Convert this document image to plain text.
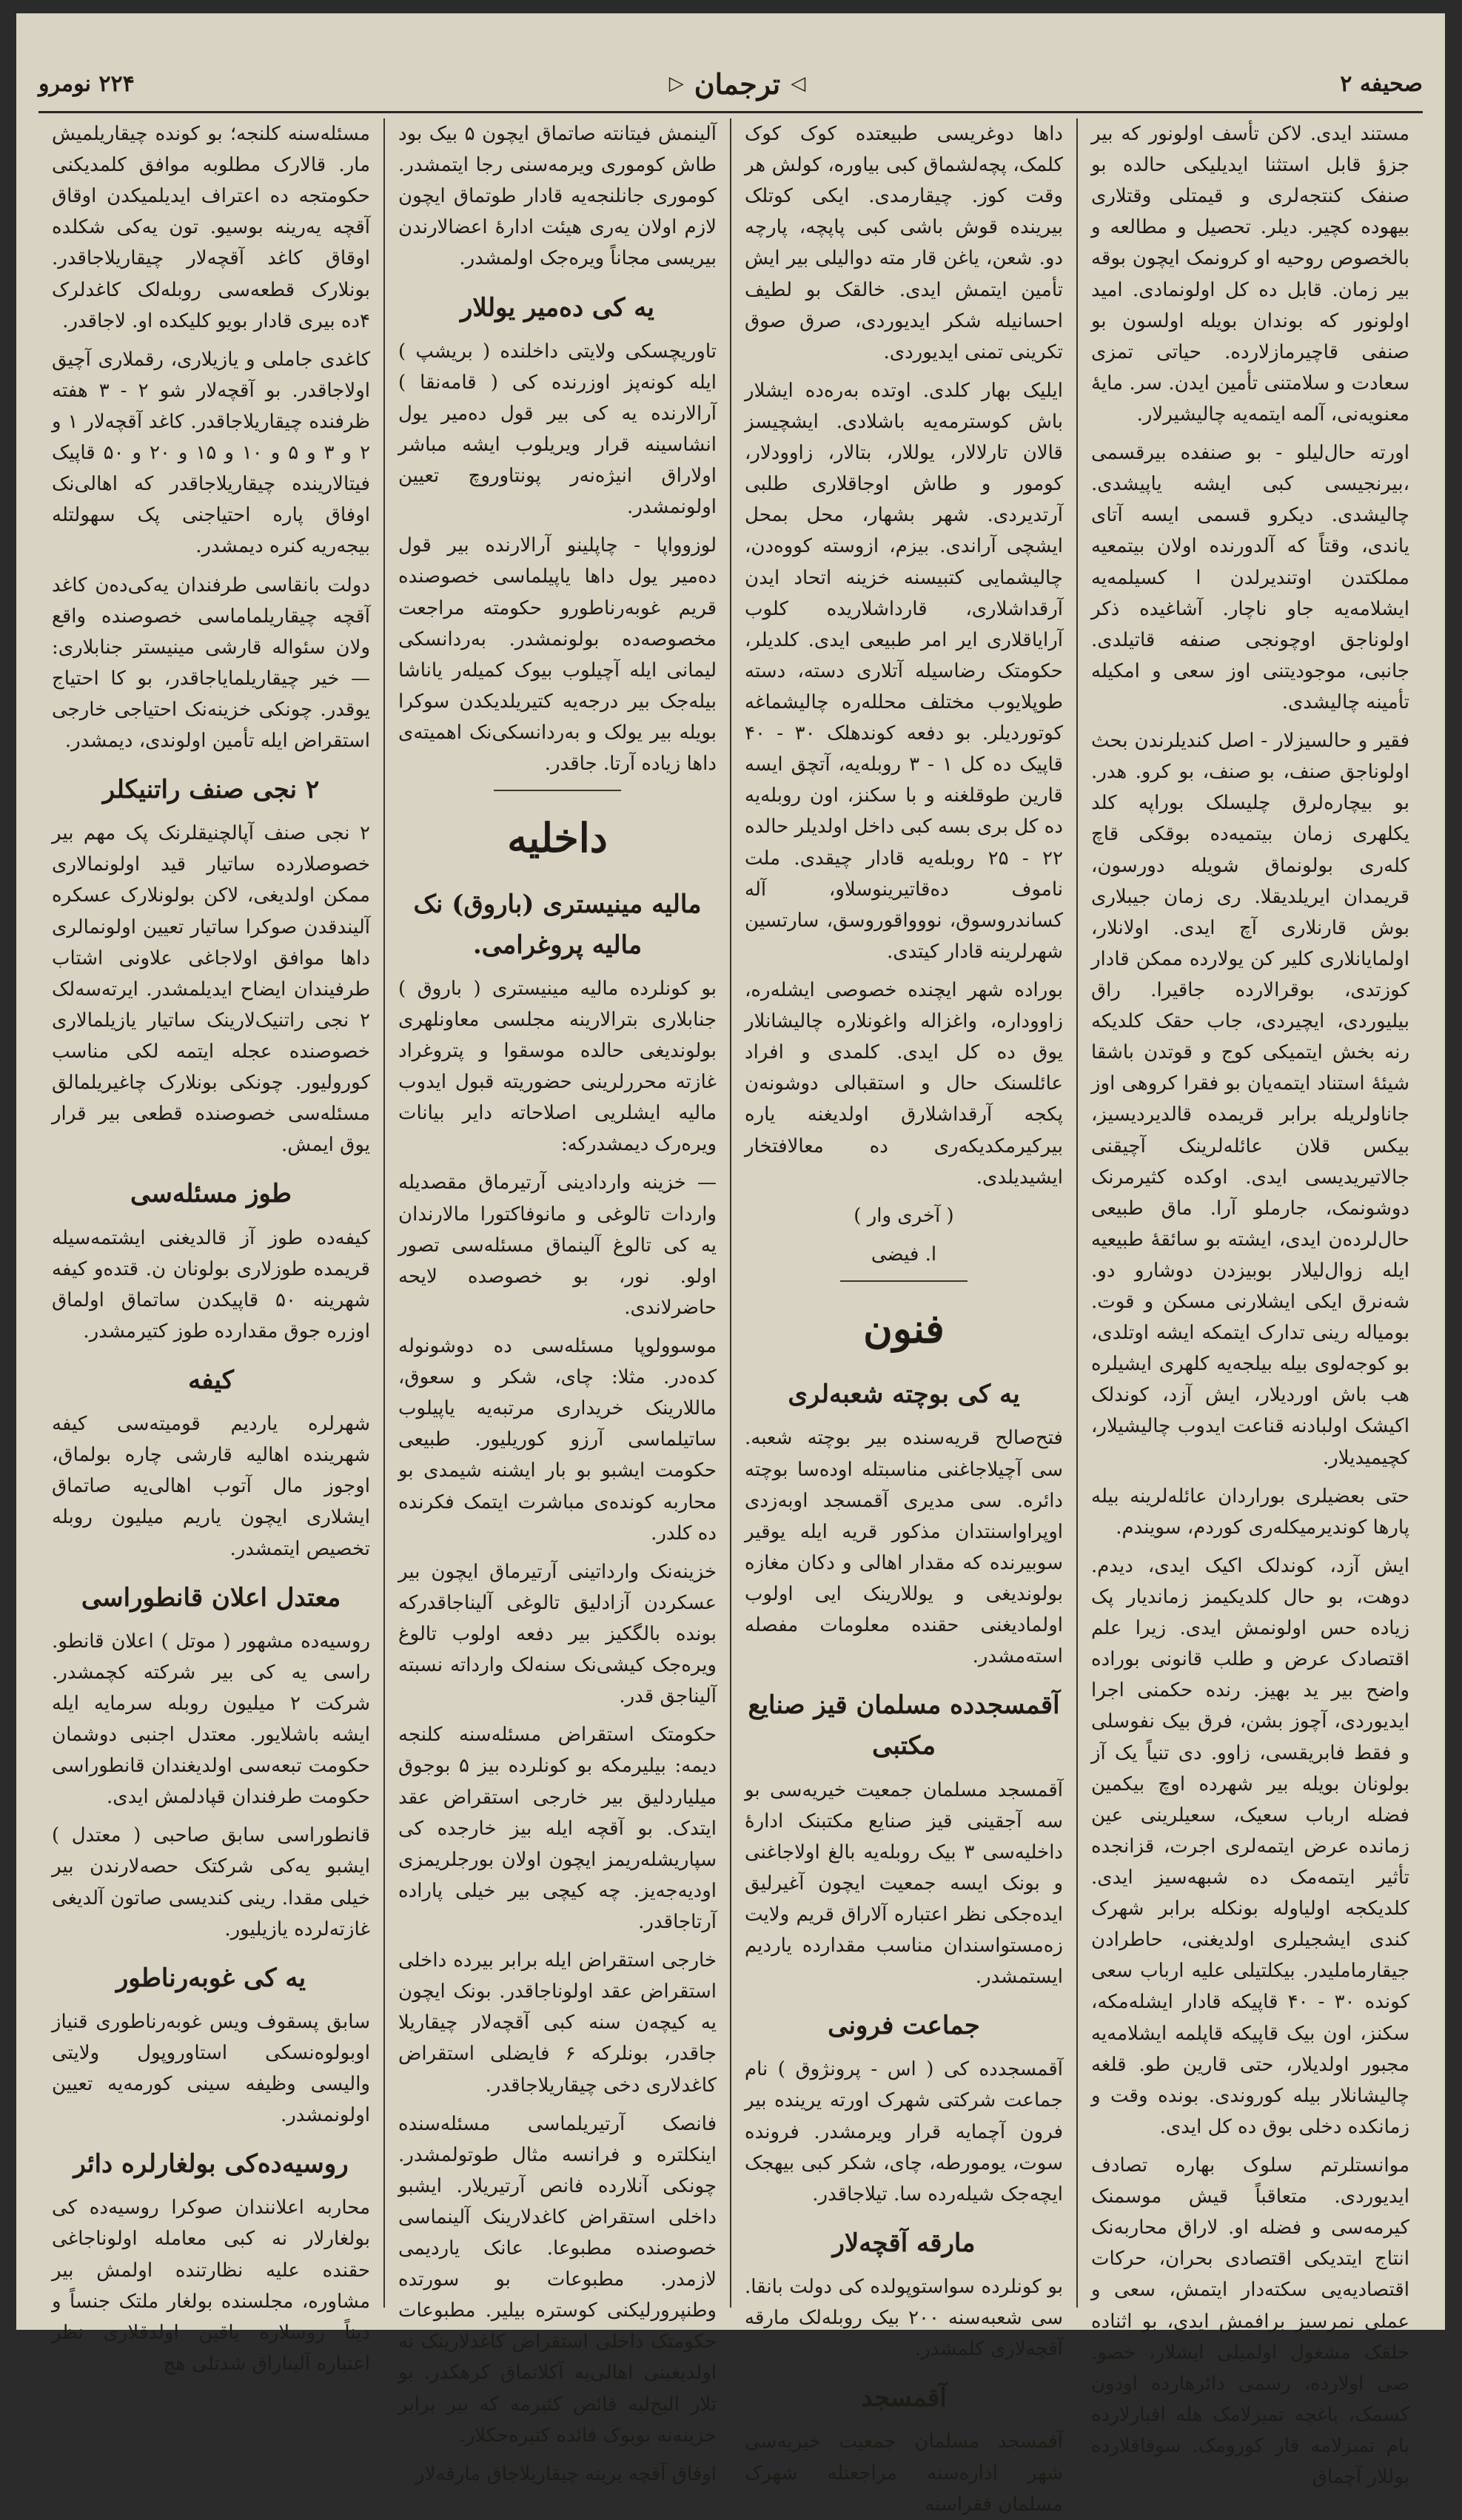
صحیفه ۲
◁
ترجمان
▷
۲۲۴ نومرو

مستند ایدی. لاکن تأسف اولونور که بیر جزؤ قابل استثنا ایدیلیکی حالده بو صنفک کنتجه‌لری و قیمتلی وقتلاری بیهوده کچیر. دیلر. تحصیل و مطالعه و بالخصوص روحیه او کرونمک ایچون بوقه بیر زمان. قابل ده کل اولونمادی. امید اولونور که بوندان بویله اولسون بو صنفی قاچیرمازلارده. حیاتی تمزی سعادت و سلامتنی تأمین ایدن. سر. مایهٔ معنویه‌نی، آلمه ایتمه‌یه چالیشیرلار.

اورته حال‌لیلو - بو صنفده بیرقسمی ،بیرنجیسی کبی ایشه یاپیشدی. چالیشدی. دیکرو قسمی ایسه آتای یاندی، وقتاً که آلدورنده اولان بیتمعیه مملکتدن اوتندیرلدن ا کسیلمه‌یه ایشلامه‌یه جاو ناچار. آشاغیده ذکر اولوناجق اوچونجی صنفه قاتیلدی. جانبی، موجودیتنی اوز سعی و امکیله تأمینه چالیشدی.

فقیر و حالسیزلار - اصل کندیلرندن بحث اولوناجق صنف، بو صنف، بو کرو. هدر. بو بیچاره‌لرق چلیسلک بوراپه کلد یکلهری زمان بیتمیه‌ده بوقکی قاچ کله‌ری بولونماق شویله دورسون، قریمدان ایریلدیقلا. ری زمان جیبلاری بوش قارنلاری آچ ایدی. اولانلار، اولمایانلاری کلیر کن یولارده ممکن قادار کوزتدی، بوقرالارده جاقیرا. راق بیلیوردی، ایچیردی، جاب حقک کلدیکه رنه بخش ایتمیکی کوج و قوتدن باشقا شیئهٔ استناد ایتمه‌یان بو فقرا کروهی اوز جاناولریله برابر قریمده قالدیردیسیز، بیکس قلان عائله‌لرینک آچیقنی جالاتیریدیسی ایدی. اوکده کثیرمرنک دوشونمک، جارملو آرا. ماق طبیعی حال‌لرده‌ن ایدی، ایشته بو سائقهٔ طبیعیه ایله زوال‌لیلار بوبیزدن دوشارو دو. شه‌نرق ایکی ایشلارنی مسکن و قوت. بومیاله‌ رینی تدارک ایتمکه ایشه اوتلدی، بو کوجه‌لوی بیله بیلجه‌یه کلهری ایشیلره هب باش اوردیلار، ایش آزد، کوندلک اکیشک اولبادنه قناعت ایدوب چالیشیلار، کچیمیدیلار.

حتی بعضیلری بوراردان عائله‌لرینه بیله پارها كوندیرمیکله‌ری کوردم، سویندم.

ایش آزد، کوندلک اکیک ایدی، دیدم. دوهت، بو حال کلدیکیمز زماندیار پک زیاده حس اولونمش ایدی. زیرا علم اقتصادک عرض و طلب قانونی بوراده واضح بیر ید بهیز. رنده حکمنی اجرا ایدیوردی، آچوز بشن، فرق بیک نفوسلی و فقط فابریقسی، زاوو. دی تنیاً یک آز بولونان بویله بیر شهرده اوچ بیکمین فضله ارباب سعیک، سعیلرینی عین زمانده عرض ایتمه‌لری اجرت، قزانجده تأثیر ایتمه‌مک ده شبهه‌سیز ایدی. کلدیکجه اولیاوله بونکله برابر شهرک کندی ایشجیلری اولدیغنی، حاطرادن جیقارماملیدر. بیکلتیلی علیه ارباب سعی کونده ۳۰ - ۴۰ قاپیکه قادار ایشله‌مکه، سکنز، اون بیک قاپیکه قاپلمه ایشلامه‌یه مجبور اولدیلار، حتی قارین طو. قلغه چالیشانلار بیله کوروندی. بونده وقت و زمانکده دخلی بوق ده کل ایدی.

موانستلرتم سلوک بهاره تصادف ایدیوردی. متعاقباً قیش موسمنک کیرمه‌سی و فضله او. لاراق محاربه‌نک انتاج ایتدیکی اقتصادی بحران، حرکات اقتصادیه‌یی سکته‌دار ایتمش، سعی و عملی نمرسیز برافمش ایدی، بو اثناده خلقک مشغول اولمیلی ایشلار، خصو. صی اولارده، رسمی دائرهارده اودون کسمک، باغچه تمیزلامک هله اقبارلارده بام تمیزلامه قار کورومک. سوقاقلارده یوللار آچماق

داها دوغریسی طبیعتده کوک کوک کلمک، پچه‌لشماق کبی بیاوره، کولش هر وقت کوز. چیقارمدی. ایکی کوتلک بیرینده قوش باشی کبی پاپچه، پارچه دو. شعن، یاغن قار مته دوالیلی بیر ایش تأمین ایتمش ایدی. خالقک بو لطیف احسانیله شکر ایدیوردی، صرق صوق تکرینی تمنی ایدیوردی.

ایلیک بهار کلدی. اوتده به‌ره‌ده ایشلار باش کوسترمه‌یه باشلادی. ایشچیسز قالان تارلالار، یوللار، بتالار، زاوودلار، کومور و طاش اوجاقلاری طلبی آرتدیردی. شهر بشهار، محل بمحل ایشچی آراندی. بیزم، ازوسته کووه‌دن، چالیشمایی کتبیسنه خزینه اتحاد ایدن آرقداشلاری، قارداشلاریده کلوب آرایاقلاری ایر امر طبیعی ایدی. کلدیلر، حکومتک رضاسیله آتلاری دسته، دسته طوپلایوب مختلف محلله‌ره چالیشماغه کوتوردیلر. بو دفعه کوندهلک ۳۰ - ۴۰ قاپیک ده کل ۱ - ۳ روبله‌یه، آتچق ایسه قارین طوقلغنه و با سکنز، اون روبله‌یه ده کل بری بسه کبی داخل اولدیلر حالده ۲۲ - ۲۵ روبله‌یه قادار چیقدی. ملت ناموف ده‌قاتیرینوسلاو، آله کساندروسوق، نووواقوروسق، سارتسین شهرلرینه قادار کیتدی.

بوراده شهر ایچنده خصوصی ایشله‌ره، زاووداره، واغزاله واغونلاره چالیشانلار یوق ده کل ایدی. کلمدی و افراد عائلسنک حال و استقبالی دوشونه‌ن پکجه آرقداشلارق اولدیغنه یاره بیرکیرمکدیکه‌ری ده معالافتخار ایشیدیلدی.

( آخری وار )

ا. فیضی

فنون
یه کی بوچته شعبه‌لری

فتح‌صالح قریه‌سنده بیر بوچته شعبه. سی آچیلاجاغنی مناسبتله اوده‌سا بوچته دائره‌. سی مدیری آقمسجد اوبه‌زدی اوپراواسنتدان مذکور قریه ایله یوقیر سوبیرنده که مقدار اهالی و دکان مغازه بولوندیغی و یوللارینک ایی اولوب اولمادیغنی حقنده معلومات مفصله استه‌مشدر.

آقمسجدده مسلمان قیز صنایع مکتبی

آقمسجد مسلمان جمعیت خیریه‌سی بو سه‌ آجقینی قیز صنایع مکتبنک ادارهٔ داخلیه‌سی ۳ بیک روبله‌یه بالغ اولاجاغنی و بونک ایسه جمعیت ایچون آغیرلیق ایده‌جکی نظر اعتباره آلاراق قریم ولایت زه‌مستواسندان مناسب مقدارده یاردیم ایستمشدر.

جماعت فرونی

آقمسجدده کی ( اس - پرونژوق ) نام جماعت شرکتی شهرک اورته یرینده بیر فرون آچمایه قرار ویرمشدر. فرونده سوت، یومورطه، چای، شکر کبی بیهجک ایچه‌جک شیله‌رده سا. تیلاجاقدر.

مارقه آقچه‌لار

بو کونلرده سواستوپولده کی دولت بانقا. سی شعبه‌سنه ۲۰۰ بیک روبله‌لک مارقه آقچه‌لاری کلمشدر.

آقمسجد

آقمسجد مسلمان جمعیت خیریه‌سی شهر اداره‌سنه مراجعتله شهرک مسلمان فقراسنه

آلینمش فیتانته صاتماق ایچون ۵ بیک بود طاش کوموری ویرمه‌سنی رجا ایتمشدر. کوموری جانلنجه‌یه قادار طوتماق ایچون لازم اولان یه‌ری هیئت ادارهٔ اعضالارندن بیریسی مجاناً ویره‌جک اولمشدر.

یه کی ده‌میر یوللار

تاوریچسکی ولایتی داخلنده ( بریشپ ) ایله کونه‌پز اوزرنده کی ( قامه‌نقا ) آرالارنده یه کی بیر قول ده‌میر یول انشاسینه قرار ویریلوب ایشه مباشر اولاراق انیژه‌نه‌ر پونتاوروچ تعیین اولونمشدر.

لوزوواپا - چاپلینو آرالارنده بیر قول ده‌میر یول داها یاپیلماسی خصوصنده قریم غوبه‌رناطورو حکومته مراجعت مخصوصه‌ده بولونمشدر. به‌ردانسکی لیمانی ایله آچیلوب بیوک کمیله‌ر یاناشا بیله‌جک بیر درجه‌یه کتیریلدیکدن سوکرا بویله بیر یولک و به‌ردانسکی‌نک اهمیته‌ی داها زیاده آرتا. جاقدر.

داخلیه
مالیه مینیستری (باروق) نک مالیه پروغرامی.

بو کونلرده مالیه مینیستری ( باروق ) جنابلاری بترالارینه مجلسی معاونلهری بولوندیغی حالده موسقوا و پتروغراد غازته محررلرینی حضوریته قبول ایدوب ماليه ایشلریی اصلاحاته دایر بیانات ویره‌رک دیمشدرکه:

— خزینه واردادینی آرتیرماق مقصدیله واردات تالوغی و مانوفاکتورا مالارندان یه کی تالوغ آلینماق مسئله‌سی تصور اولو. نور، بو خصوصده لایحه حاضرلاندی.

موسوولوپا مسئله‌سی ده‌ دوشونوله کده‌در. مثلا: چای، شکر و سعوق، ماللارینک خریداری مرتبه‌یه یاپیلوب ساتیلماسی آرزو کوریلیور. طبیعی حکومت ایشبو بو بار ایشنه شیمدی بو محاربه کونده‌ی مباشرت ایتمک فکرنده ده کلدر.

خزینه‌نک وارداتینی آرتیرماق ایچون بیر عسکردن آزادلیق تالوغی آلیناجاقدرکه بونده بالگکیز بیر دفعه اولوب تالوغ ویره‌جک کیشی‌نک سنه‌لک وارداته نسبته آلیناجق قدر.

حکومتک استقراض مسئله‌سنه کلنجه دیمه: بیلیرمکه بو کونلرده بیز ۵ بوجوق میلیاردلیق بیر خارجی استقراض عقد ایتدک. بو آقچه ایله بیز خارجده کی سپاریشله‌ریمز ایچون اولان بورجلریمزی اودیه‌جه‌یز. چه کیچی بیر خیلی پاراده آرتاجاقدر.

خارجی استقراض ایله برابر بیرده داخلی استقراض عقد اولوناجاقدر. بونک ایچون یه کیچه‌ن سنه کبی آقچه‌لار چیقاریلا جاقدر، بونلرکه ۶ فایضلی استقراض کاغدلاری دخی چیقاریلاجاقدر.

فانصک آرتیریلماسی مسئله‌سنده اینکلتره و فرانسه مثال طوتولمشدر. چونکی آنلارده فانص آرتیریلار. ایشبو داخلی استقراض کاغدلارینک آلینماسی خصوصنده مطبوعا. عانک یاردیمی لازمدر. مطبوعات بو سورتده وطنپرورلیکنی کوستره بیلیر. مطبوعات حکومتک داخلی استقراض کاغدلارینک نه اولدیغینی اهالی‌یه آکلاتماق کرهکدر. بو تلار الیخ‌لیه قائص کثیرمه که بیر برابر خزینه‌نه بوبوک فائده کتیره‌جکلار.

اوفاق آقچه یرینه چیقاریلاجاق مارقه‌لار

مسئله‌سنه کلنجه؛ بو کونده چیقاریلمیش مار. قالارک مطلوبه موافق کلمدیکنی حکومتجه ده اعتراف ایدیلمیکدن اوقاق آقچه یه‌رینه بوسیو. تون یه‌کی شکلده اوقاق کاغد آقچه‌لار چیقاریلاجاقدر. بونلارک قطعه‌سی روبله‌لک کاغدلرک ۴ده بیری قادار بویو کلیکده او. لاجاقدر.

کاغدی جاملی و یازیلاری، رقملاری آچیق اولاجاقدر. بو آقچه‌لار شو ۲ - ۳ هفته ظرفنده چیقاریلاجاقدر. کاغد آقچه‌لار ۱ و ۲ و ۳ و ۵ و ۱۰ و ۱۵ و ۲۰ و ۵۰ قاپیک فیتالارینده چیقاریلاجاقدر که اهالی‌نک اوفاق پاره احتیاجنی پک سهولتله بیجه‌ریه کنره دیمشدر.

دولت بانقاسی طرفندان یه‌کی‌ده‌ن کاغد آقچه چیقاریلماماسی خصوصنده واقع ولان سئواله قارشی مینیستر جنابلاری: — خیر چیقاریلمایاجاقدر، بو کا احتیاج یوقدر. چونکی خزینه‌نک احتیاجی خارجی استقراض ایله تأمین اولوندی، دیمشدر.

۲ نجی صنف راتنیکلر

۲ نجی صنف آپالچنیقلرنک پک مهم بیر خصوصلارده ساتیار قید اولونمالاری ممکن اولدیغی، لاکن بولونلارک عسکره آلیندقدن صوکرا ساتیار تعیین اولونمالری داها موافق اولاجاغی علاونی اشتاب طرفیندان ایضاح ایدیلمشدر. ایرته‌سه‌لک ۲ نجی راتنیک‌لارینک ساتیار یازیلمالاری خصوصنده عجله ایتمه‌ لکی مناسب کورولیور. چونکی بونلارک چاغیریلمالق مسئله‌سی خصوصنده قطعی بیر قرار یوق ایمش.

طوز مسئله‌سی

کیفه‌ده طوز آز قالدیغنی ایشتمه‌سیله قریمده طوزلاری بولونان ن. قتده‌و کیفه شهرینه ۵۰ قاپیکدن ساتماق اولماق اوزره جوق مقدارده طوز کتیرمشدر.

کیفه

شهرلره یاردیم قومیته‌سی کیفه شهرینده اهالیه قارشی چاره بولماق، اوجوز مال آتوب اهالی‌یه صاتماق ایشلاری ایچون یاریم میلیون روبله تخصیص ایتمشدر.

معتدل اعلان قانطوراسی

روسیه‌ده مشهور ( موتل ) اعلان قانطو. راسی یه کی بیر شرکته کچمشدر. شرکت ۲ میلیون روبله سرمایه ایله ایشه باشلایور. معتدل اجنبی دوشمان حکومت تبعه‌سی اولدیغندان قانطوراسی حکومت طرفندان قپادلمش ایدی.

قانطوراسی سابق صاحبی ( معتدل ) ایشبو یه‌کی شرکتک حصه‌لارندن بیر خیلی مقدا. رینی کندیسی صاتون آلدیغی غازته‌لرده یازیلیور.

یه کی غوبه‌رناطور

سابق پسقوف ویس غوبه‌رناطوری قنیاز اوبولوه‌نسکی استاوروپول ولایتی والیسی وظیفه‌ سینی کورمه‌یه تعیین اولونمشدر.

روسیه‌ده‌کی بولغارلره دائر

محاربه اعلانندان صوکرا روسیه‌ده کی بولغارلار نه کبی معامله اولوناجاغی حقنده علیه نظارتنده اولمش بیر مشاوره، مجلسنده بولغار ملتک جنساً و دیناً روسلاره یاقین اولدقلاری نظر اعتباره آلیناراق شدتلی هچ
